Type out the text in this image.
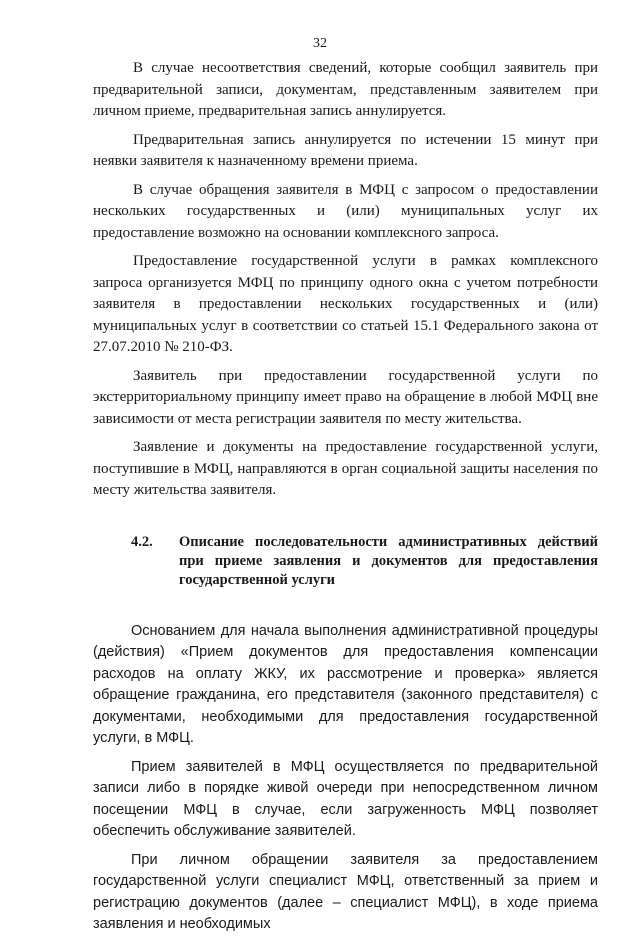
32

В случае несоответствия сведений, которые сообщил заявитель при предварительной записи, документам, представленным заявителем при личном приеме, предварительная запись аннулируется.

Предварительная запись аннулируется по истечении 15 минут при неявки заявителя к назначенному времени приема.

В случае обращения заявителя в МФЦ с запросом о предоставлении нескольких государственных и (или) муниципальных услуг их предоставление возможно на основании комплексного запроса.

Предоставление государственной услуги в рамках комплексного запроса организуется МФЦ по принципу одного окна с учетом потребности заявителя в предоставлении нескольких государственных и (или) муниципальных услуг в соответствии со статьей 15.1 Федерального закона от 27.07.2010 № 210-ФЗ.

Заявитель при предоставлении государственной услуги по экстерриториальному принципу имеет право на обращение в любой МФЦ вне зависимости от места регистрации заявителя по месту жительства.

Заявление и документы на предоставление государственной услуги, поступившие в МФЦ, направляются в орган социальной защиты населения по месту жительства заявителя.

4.2.	Описание последовательности административных действий при приеме заявления и документов для предоставления государственной услуги

Основанием для начала выполнения административной процедуры (действия) «Прием документов для предоставления компенсации расходов на оплату ЖКУ, их рассмотрение и проверка» является обращение гражданина, его представителя (законного представителя) с документами, необходимыми для предоставления государственной услуги, в МФЦ.

Прием заявителей в МФЦ осуществляется по предварительной записи либо в порядке живой очереди при непосредственном личном посещении МФЦ в случае, если загруженность МФЦ позволяет обеспечить обслуживание заявителей.

При личном обращении заявителя за предоставлением государственной услуги специалист МФЦ, ответственный за прием и регистрацию документов (далее – специалист МФЦ), в ходе приема заявления и необходимых
